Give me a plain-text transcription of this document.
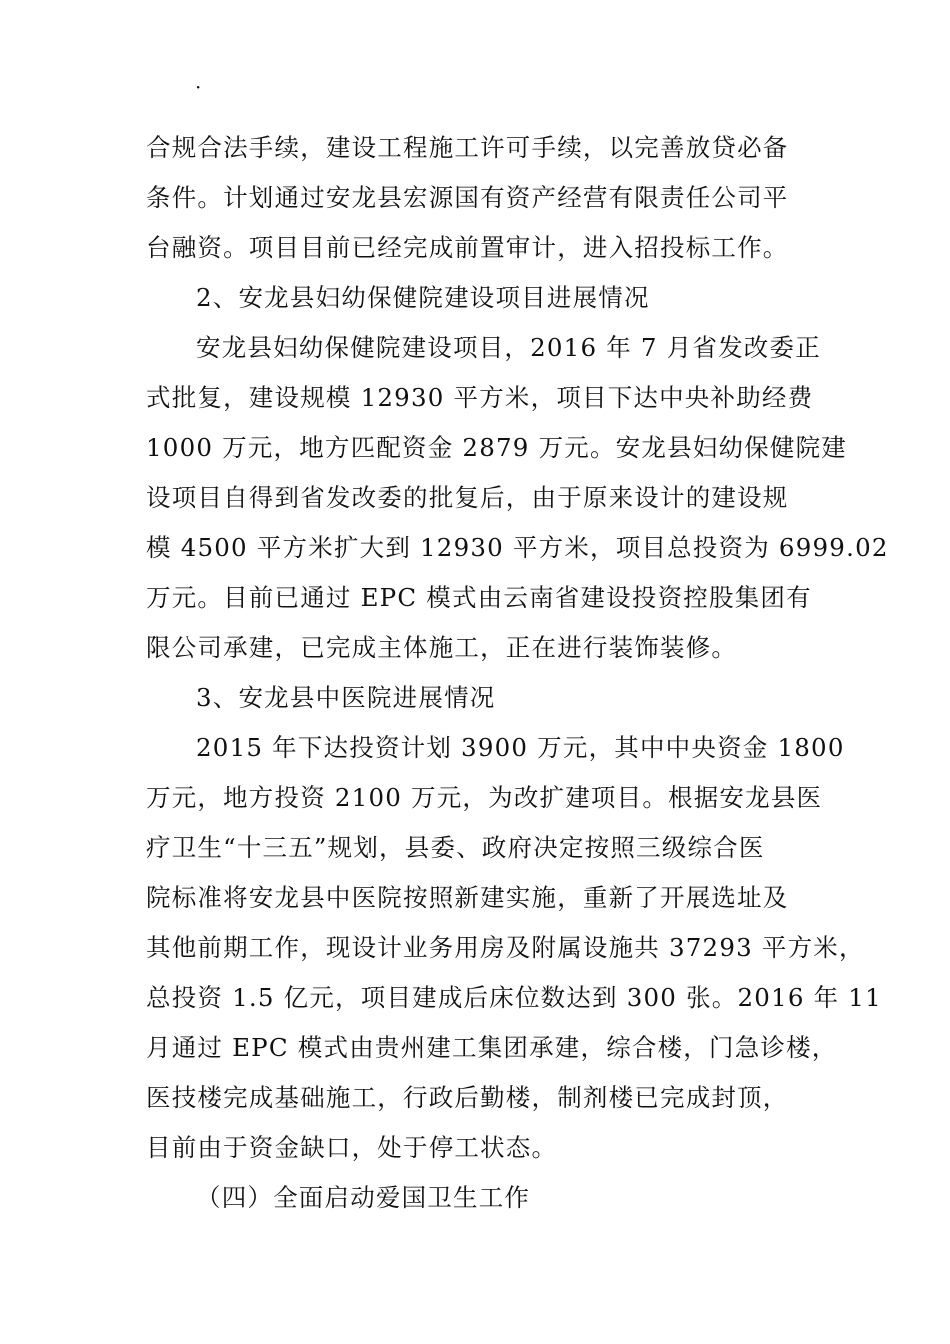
·
合规合法手续，建设工程施工许可手续，以完善放贷必备
条件。计划通过安龙县宏源国有资产经营有限责任公司平
台融资。项目目前已经完成前置审计，进入招投标工作。
2、安龙县妇幼保健院建设项目进展情况
安龙县妇幼保健院建设项目，2016 年 7 月省发改委正
式批复，建设规模 12930 平方米，项目下达中央补助经费
1000 万元，地方匹配资金 2879 万元。安龙县妇幼保健院建
设项目自得到省发改委的批复后，由于原来设计的建设规
模 4500 平方米扩大到 12930 平方米，项目总投资为 6999.02
万元。目前已通过 EPC 模式由云南省建设投资控股集团有
限公司承建，已完成主体施工，正在进行装饰装修。
3、安龙县中医院进展情况
2015 年下达投资计划 3900 万元，其中中央资金 1800
万元，地方投资 2100 万元，为改扩建项目。根据安龙县医
疗卫生“十三五”规划，县委、政府决定按照三级综合医
院标准将安龙县中医院按照新建实施，重新了开展选址及
其他前期工作，现设计业务用房及附属设施共 37293 平方米，
总投资 1.5 亿元，项目建成后床位数达到 300 张。2016 年 11
月通过 EPC 模式由贵州建工集团承建，综合楼，门急诊楼，
医技楼完成基础施工，行政后勤楼，制剂楼已完成封顶，
目前由于资金缺口，处于停工状态。
（四）全面启动爱国卫生工作
